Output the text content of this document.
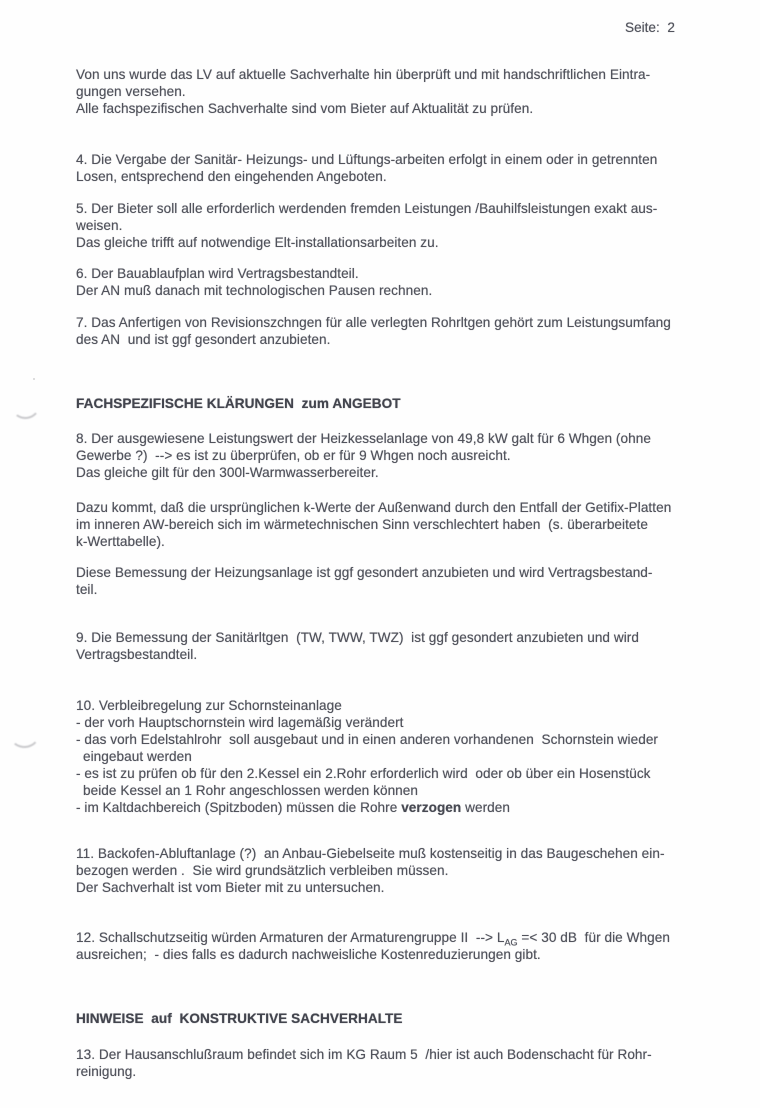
Seite:  2
Von uns wurde das LV auf aktuelle Sachverhalte hin überprüft und mit handschriftlichen Eintra-
gungen versehen.
Alle fachspezifischen Sachverhalte sind vom Bieter auf Aktualität zu prüfen.
4. Die Vergabe der Sanitär- Heizungs- und Lüftungs-arbeiten erfolgt in einem oder in getrennten
Losen, entsprechend den eingehenden Angeboten.
5. Der Bieter soll alle erforderlich werdenden fremden Leistungen /Bauhilfsleistungen exakt aus-
weisen.
Das gleiche trifft auf notwendige Elt-installationsarbeiten zu.
6. Der Bauablaufplan wird Vertragsbestandteil.
Der AN muß danach mit technologischen Pausen rechnen.
7. Das Anfertigen von Revisionszchngen für alle verlegten Rohrltgen gehört zum Leistungsumfang
des AN  und ist ggf gesondert anzubieten.
FACHSPEZIFISCHE KLÄRUNGEN  zum ANGEBOT
8. Der ausgewiesene Leistungswert der Heizkesselanlage von 49,8 kW galt für 6 Whgen (ohne
Gewerbe ?)  --> es ist zu überprüfen, ob er für 9 Whgen noch ausreicht.
Das gleiche gilt für den 300l-Warmwasserbereiter.
Dazu kommt, daß die ursprünglichen k-Werte der Außenwand durch den Entfall der Getifix-Platten
im inneren AW-bereich sich im wärmetechnischen Sinn verschlechtert haben  (s. überarbeitete
k-Werttabelle).
Diese Bemessung der Heizungsanlage ist ggf gesondert anzubieten und wird Vertragsbestand-
teil.
9. Die Bemessung der Sanitärltgen  (TW, TWW, TWZ)  ist ggf gesondert anzubieten und wird
Vertragsbestandteil.
10. Verbleibregelung zur Schornsteinanlage
- der vorh Hauptschornstein wird lagemäßig verändert
- das vorh Edelstahlrohr  soll ausgebaut und in einen anderen vorhandenen  Schornstein wieder
eingebaut werden
- es ist zu prüfen ob für den 2.Kessel ein 2.Rohr erforderlich wird  oder ob über ein Hosenstück
beide Kessel an 1 Rohr angeschlossen werden können
- im Kaltdachbereich (Spitzboden) müssen die Rohre verzogen werden
11. Backofen-Abluftanlage (?)  an Anbau-Giebelseite muß kostenseitig in das Baugeschehen ein-
bezogen werden .  Sie wird grundsätzlich verbleiben müssen.
Der Sachverhalt ist vom Bieter mit zu untersuchen.
12. Schallschutzseitig würden Armaturen der Armaturengruppe II  --> $L_{AG} =< 30$ dB  für die Whgen
ausreichen;  - dies falls es dadurch nachweisliche Kostenreduzierungen gibt.
HINWEISE  auf  KONSTRUKTIVE SACHVERHALTE
13. Der Hausanschlußraum befindet sich im KG Raum 5  /hier ist auch Bodenschacht für Rohr-
reinigung.
